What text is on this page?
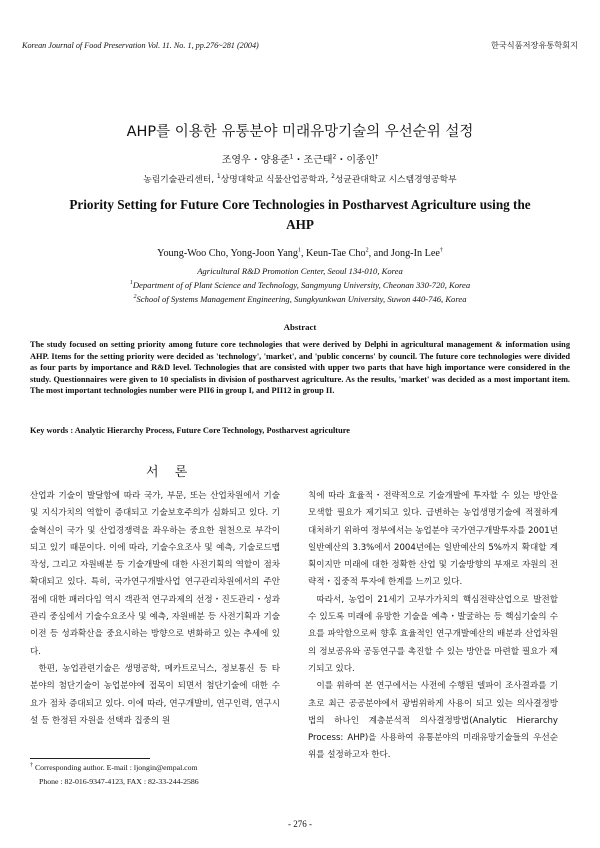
Korean Journal of Food Preservation Vol. 11. No. 1, pp.276~281 (2004)	한국식품저장유통학회지
AHP를 이용한 유통분야 미래유망기술의 우선순위 설정
조영우・양용준$^1$・조근태$^2$・이종인†
농림기술관리센터, $^1$상명대학교 식물산업공학과, $^2$성균관대학교 시스템경영공학부
Priority Setting for Future Core Technologies in Postharvest Agriculture using the AHP
Young-Woo Cho, Yong-Joon Yang$^1$, Keun-Tae Cho$^2$, and Jong-In Lee†
Agricultural R&D Promotion Center, Seoul 134-010, Korea
$^1$Department of of Plant Science and Technology, Sangmyung University, Cheonan 330-720, Korea
$^2$School of Systems Management Engineering, Sungkyunkwan University, Suwon 440-746, Korea
Abstract
The study focused on setting priority among future core technologies that were derived by Delphi in agricultural management & information using AHP. Items for the setting priority were decided as 'technology', 'market', and 'public concerns' by council. The future core technologies were divided as four parts by importance and R&D level. Technologies that are consisted with upper two parts that have high importance were considered in the study. Questionnaires were given to 10 specialists in division of postharvest agriculture. As the results, 'market' was decided as a most important item. The most important technologies number were PII6 in group I, and PII12 in group II.
Key words : Analytic Hierarchy Process, Future Core Technology, Postharvest agriculture
서 론

산업과 기술이 발달함에 따라 국가, 부문, 또는 산업차원에서 기술 및 지식가치의 역할이 증대되고 기술보호주의가 심화되고 있다. 기술혁신이 국가 및 산업경쟁력을 좌우하는 중요한 원천으로 부각이 되고 있기 때문이다. 이에 따라, 기술수요조사 및 예측, 기술로드맵 작성, 그리고 자원배분 등 기술개발에 대한 사전기획의 역할이 점차 확대되고 있다. 특히, 국가연구개발사업 연구관리차원에서의 주안점에 대한 패러다임 역시 객관적 연구과제의 선정・진도관리・성과관리 중심에서 기술수요조사 및 예측, 자원배분 등 사전기획과 기술이전 등 성과확산을 중요시하는 방향으로 변화하고 있는 추세에 있다.

한편, 농업관련기술은 생명공학, 메카트로닉스, 정보통신 등 타 분야의 첨단기술이 농업분야에 접목이 되면서 첨단기술에 대한 수요가 점차 증대되고 있다. 이에 따라, 연구개발비, 연구인력, 연구시설 등 한정된 자원을 선택과 집중의 원

칙에 따라 효율적・전략적으로 기술개발에 투자할 수 있는 방안을 모색할 필요가 제기되고 있다. 급변하는 농업생명기술에 적절하게 대처하기 위하여 정부에서는 농업분야 국가연구개발투자를 2001년 일반예산의 3.3%에서 2004년에는 일반예산의 5%까지 확대할 계획이지만 미래에 대한 정확한 산업 및 기술방향의 부재로 자원의 전략적・집중적 투자에 한계를 느끼고 있다.

따라서, 농업이 21세기 고부가가치의 핵심전략산업으로 발전할 수 있도록 미래에 유망한 기술을 예측・발굴하는 등 핵심기술의 수요를 파악함으로써 향후 효율적인 연구개발예산의 배분과 산업차원의 정보공유와 공동연구를 촉진할 수 있는 방안을 마련할 필요가 제기되고 있다.

이를 위하여 본 연구에서는 사전에 수행된 델파이 조사결과를 기초로 최근 공공분야에서 광범위하게 사용이 되고 있는 의사결정방법의 하나인 계층분석적 의사결정방법(Analytic Hierarchy Process: AHP)을 사용하여 유통분야의 미래유망기술들의 우선순위를 설정하고자 한다.

† Corresponding author. E-mail : ljongin@empal.com
Phone : 82-016-9347-4123, FAX : 82-33-244-2586
- 276 -
